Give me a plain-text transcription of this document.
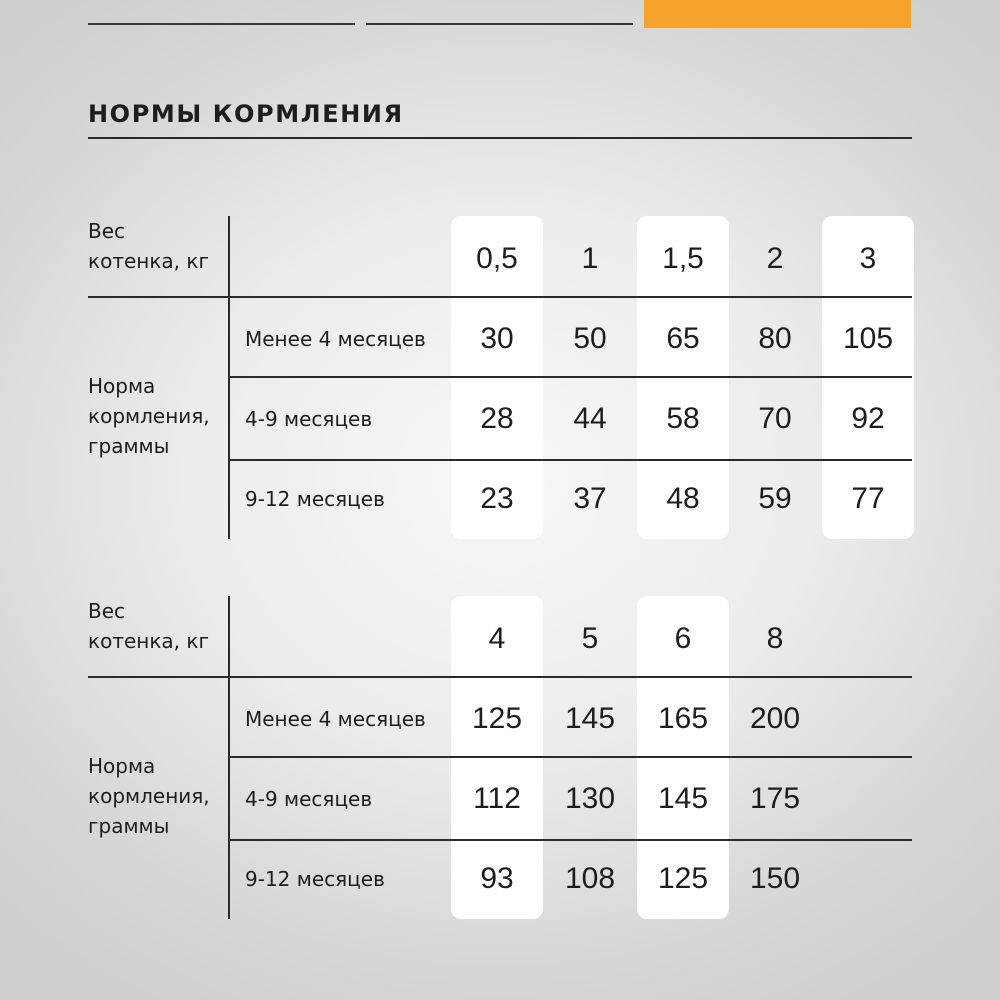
НОРМЫ КОРМЛЕНИЯ
Вес
котенка, кг
Норма
кормления,
граммы
0,5	1	1,5	2	3
Менее 4 месяцев	30	50	65	80	105
4-9 месяцев	28	44	58	70	92
9-12 месяцев	23	37	48	59	77
Вес
котенка, кг
Норма
кормления,
граммы
4	5	6	8
Менее 4 месяцев	125	145	165	200
4-9 месяцев	112	130	145	175
9-12 месяцев	93	108	125	150
